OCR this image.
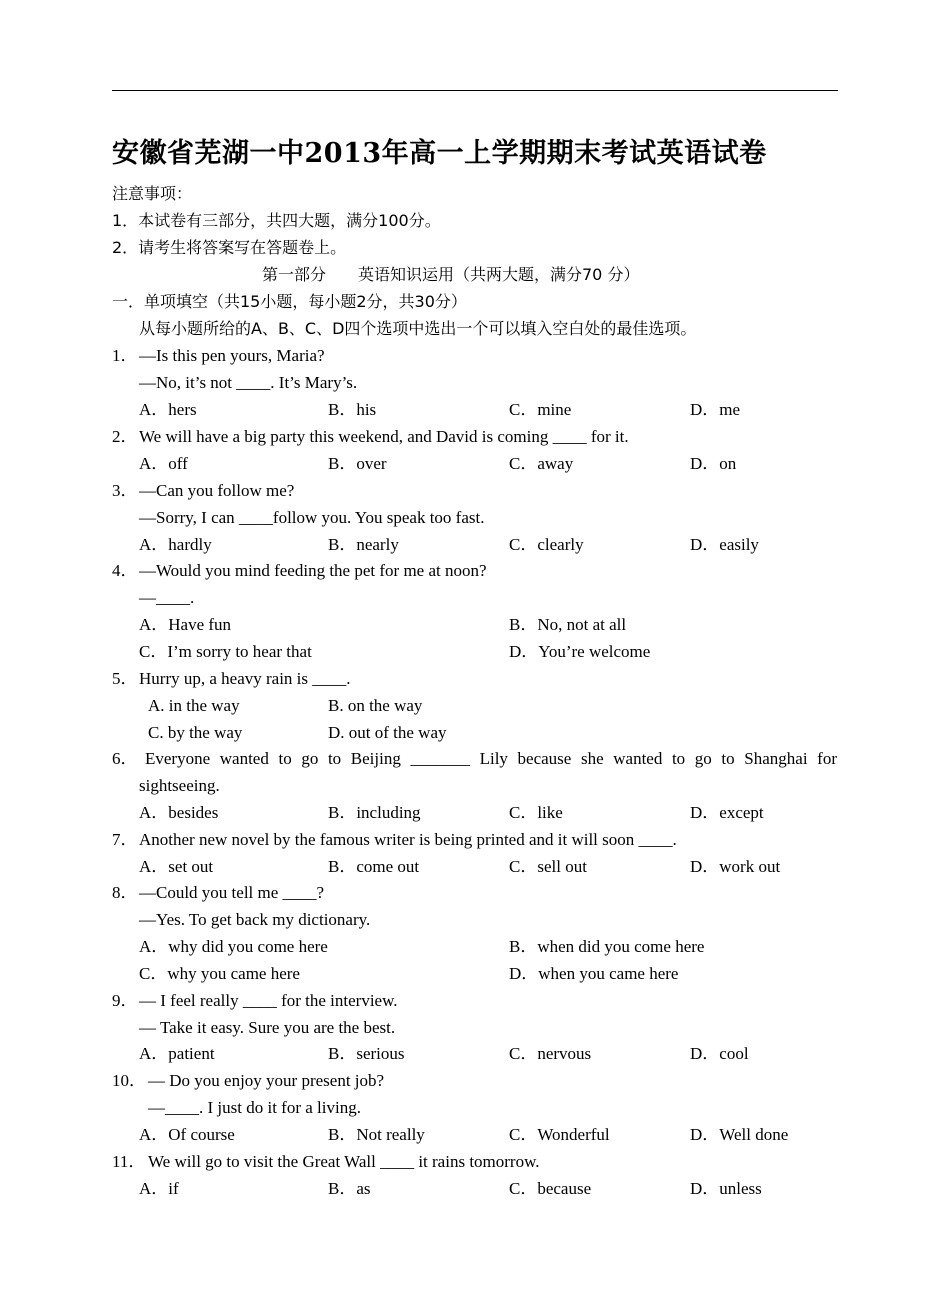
安徽省芜湖一中2013年高一上学期期末考试英语试卷
注意事项：
1．本试卷有三部分，共四大题，满分100分。
2．请考生将答案写在答题卷上。
第一部分　　英语知识运用（共两大题，满分70 分）
一．单项填空（共15小题，每小题2分，共30分）
从每小题所给的A、B、C、D四个选项中选出一个可以填入空白处的最佳选项。
1． —Is this pen yours, Maria?
—No, it’s not ____. It’s Mary’s.
A．hers	B．his	C．mine	D．me
2． We will have a big party this weekend, and David is coming ____ for it.
A．off	B．over	C．away	D．on
3． —Can you follow me?
—Sorry, I can ____follow you. You speak too fast.
A．hardly	B．nearly	C．clearly	D．easily
4． —Would you mind feeding the pet for me at noon?
—____.
A．Have fun	B．No, not at all
C．I’m sorry to hear that	D．You’re welcome
5． Hurry up, a heavy rain is ____.
A. in the way	B. on the way
C. by the way	D. out of the way
6． Everyone wanted to go to Beijing _______ Lily because she wanted to go to Shanghai for
sightseeing.
A．besides	B．including	C．like	D．except
7． Another new novel by the famous writer is being printed and it will soon ____.
A．set out	B．come out	C．sell out	D．work out
8． —Could you tell me ____?
—Yes. To get back my dictionary.
A．why did you come here	B．when did you come here
C．why you came here	D．when you came here
9． — I feel really ____ for the interview.
— Take it easy. Sure you are the best.
A．patient	B．serious	C．nervous	D．cool
10． — Do you enjoy your present job?
—____. I just do it for a living.
A．Of course	B．Not really	C．Wonderful	D．Well done
11． We will go to visit the Great Wall ____ it rains tomorrow.
A．if	B．as	C．because	D．unless
